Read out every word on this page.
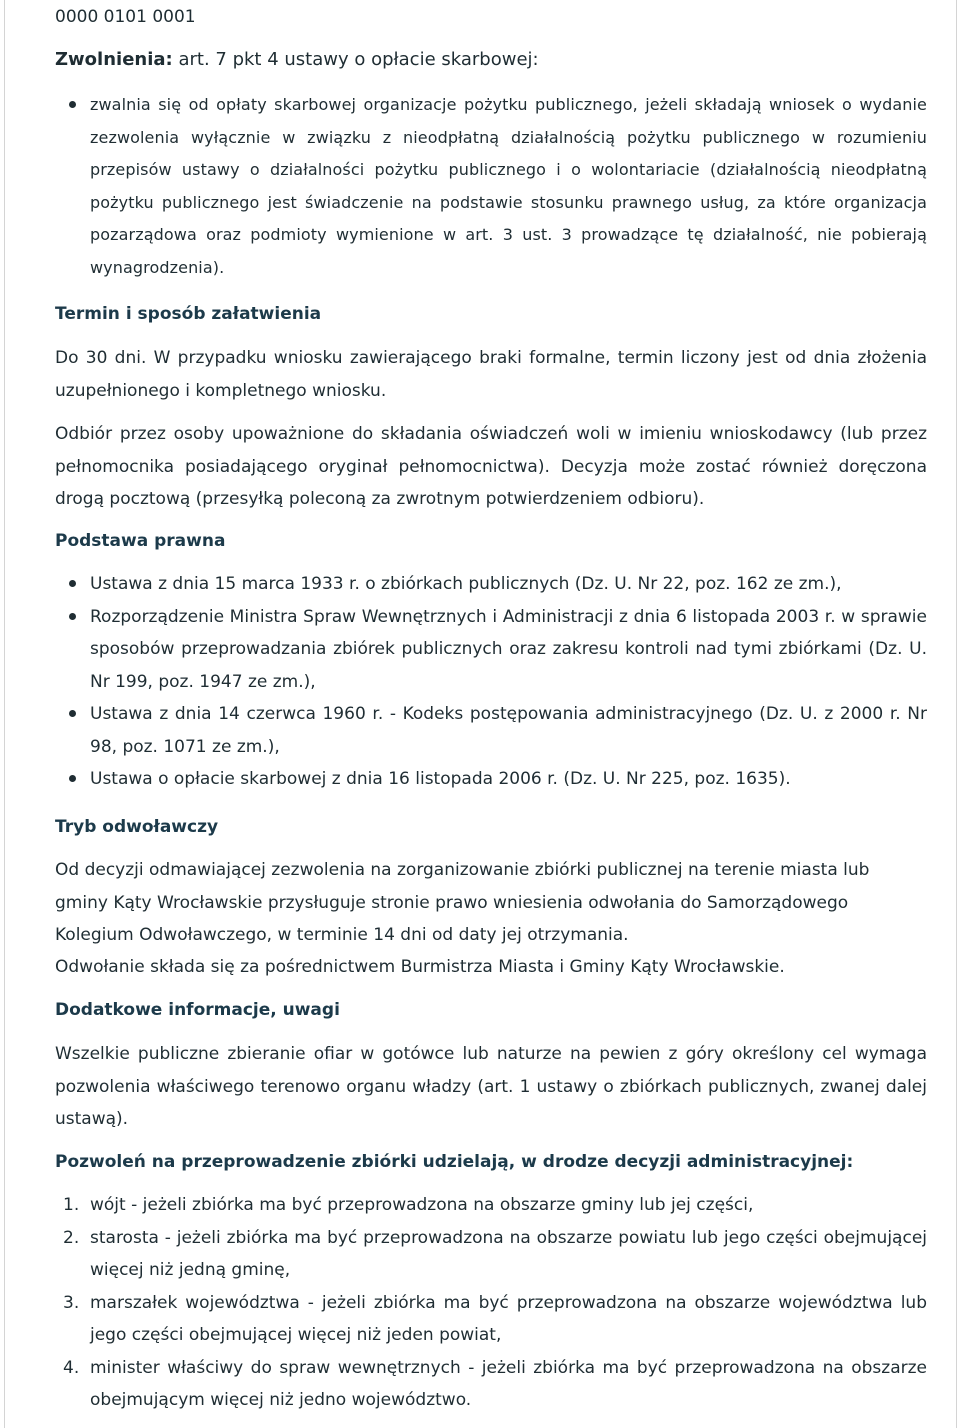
0000 0101 0001

Zwolnienia: art. 7 pkt 4 ustawy o opłacie skarbowej:

zwalnia się od opłaty skarbowej organizacje pożytku publicznego, jeżeli składają wniosek o wydanie zezwolenia wyłącznie w związku z nieodpłatną działalnością pożytku publicznego w rozumieniu przepisów ustawy o działalności pożytku publicznego i o wolontariacie (działalnością nieodpłatną pożytku publicznego jest świadczenie na podstawie stosunku prawnego usług, za które organizacja pozarządowa oraz podmioty wymienione w art. 3 ust. 3 prowadzące tę działalność, nie pobierają wynagrodzenia).
Termin i sposób załatwienia

Do 30 dni. W przypadku wniosku zawierającego braki formalne, termin liczony jest od dnia złożenia uzupełnionego i kompletnego wniosku.

Odbiór przez osoby upoważnione do składania oświadczeń woli w imieniu wnioskodawcy (lub przez pełnomocnika posiadającego oryginał pełnomocnictwa). Decyzja może zostać również doręczona drogą pocztową (przesyłką poleconą za zwrotnym potwierdzeniem odbioru).

Podstawa prawna
Ustawa z dnia 15 marca 1933 r. o zbiórkach publicznych (Dz. U. Nr 22, poz. 162 ze zm.),
Rozporządzenie Ministra Spraw Wewnętrznych i Administracji z dnia 6 listopada 2003 r. w sprawie sposobów przeprowadzania zbiórek publicznych oraz zakresu kontroli nad tymi zbiórkami (Dz. U. Nr 199, poz. 1947 ze zm.),
Ustawa z dnia 14 czerwca 1960 r. - Kodeks postępowania administracyjnego (Dz. U. z 2000 r. Nr 98, poz. 1071 ze zm.),
Ustawa o opłacie skarbowej z dnia 16 listopada 2006 r. (Dz. U. Nr 225, poz. 1635).
Tryb odwoławczy

Od decyzji odmawiającej zezwolenia na zorganizowanie zbiórki publicznej na terenie miasta lub gminy Kąty Wrocławskie przysługuje stronie prawo wniesienia odwołania do Samorządowego Kolegium Odwoławczego, w terminie 14 dni od daty jej otrzymania.

Odwołanie składa się za pośrednictwem Burmistrza Miasta i Gminy Kąty Wrocławskie.

Dodatkowe informacje, uwagi

Wszelkie publiczne zbieranie ofiar w gotówce lub naturze na pewien z góry określony cel wymaga pozwolenia właściwego terenowo organu władzy (art. 1 ustawy o zbiórkach publicznych, zwanej dalej ustawą).

Pozwoleń na przeprowadzenie zbiórki udzielają, w drodze decyzji administracyjnej:

1. wójt - jeżeli zbiórka ma być przeprowadzona na obszarze gminy lub jej części,
2. starosta - jeżeli zbiórka ma być przeprowadzona na obszarze powiatu lub jego części obejmującej więcej niż jedną gminę,
3. marszałek województwa - jeżeli zbiórka ma być przeprowadzona na obszarze województwa lub jego części obejmującej więcej niż jeden powiat,
4. minister właściwy do spraw wewnętrznych - jeżeli zbiórka ma być przeprowadzona na obszarze obejmującym więcej niż jedno województwo.
